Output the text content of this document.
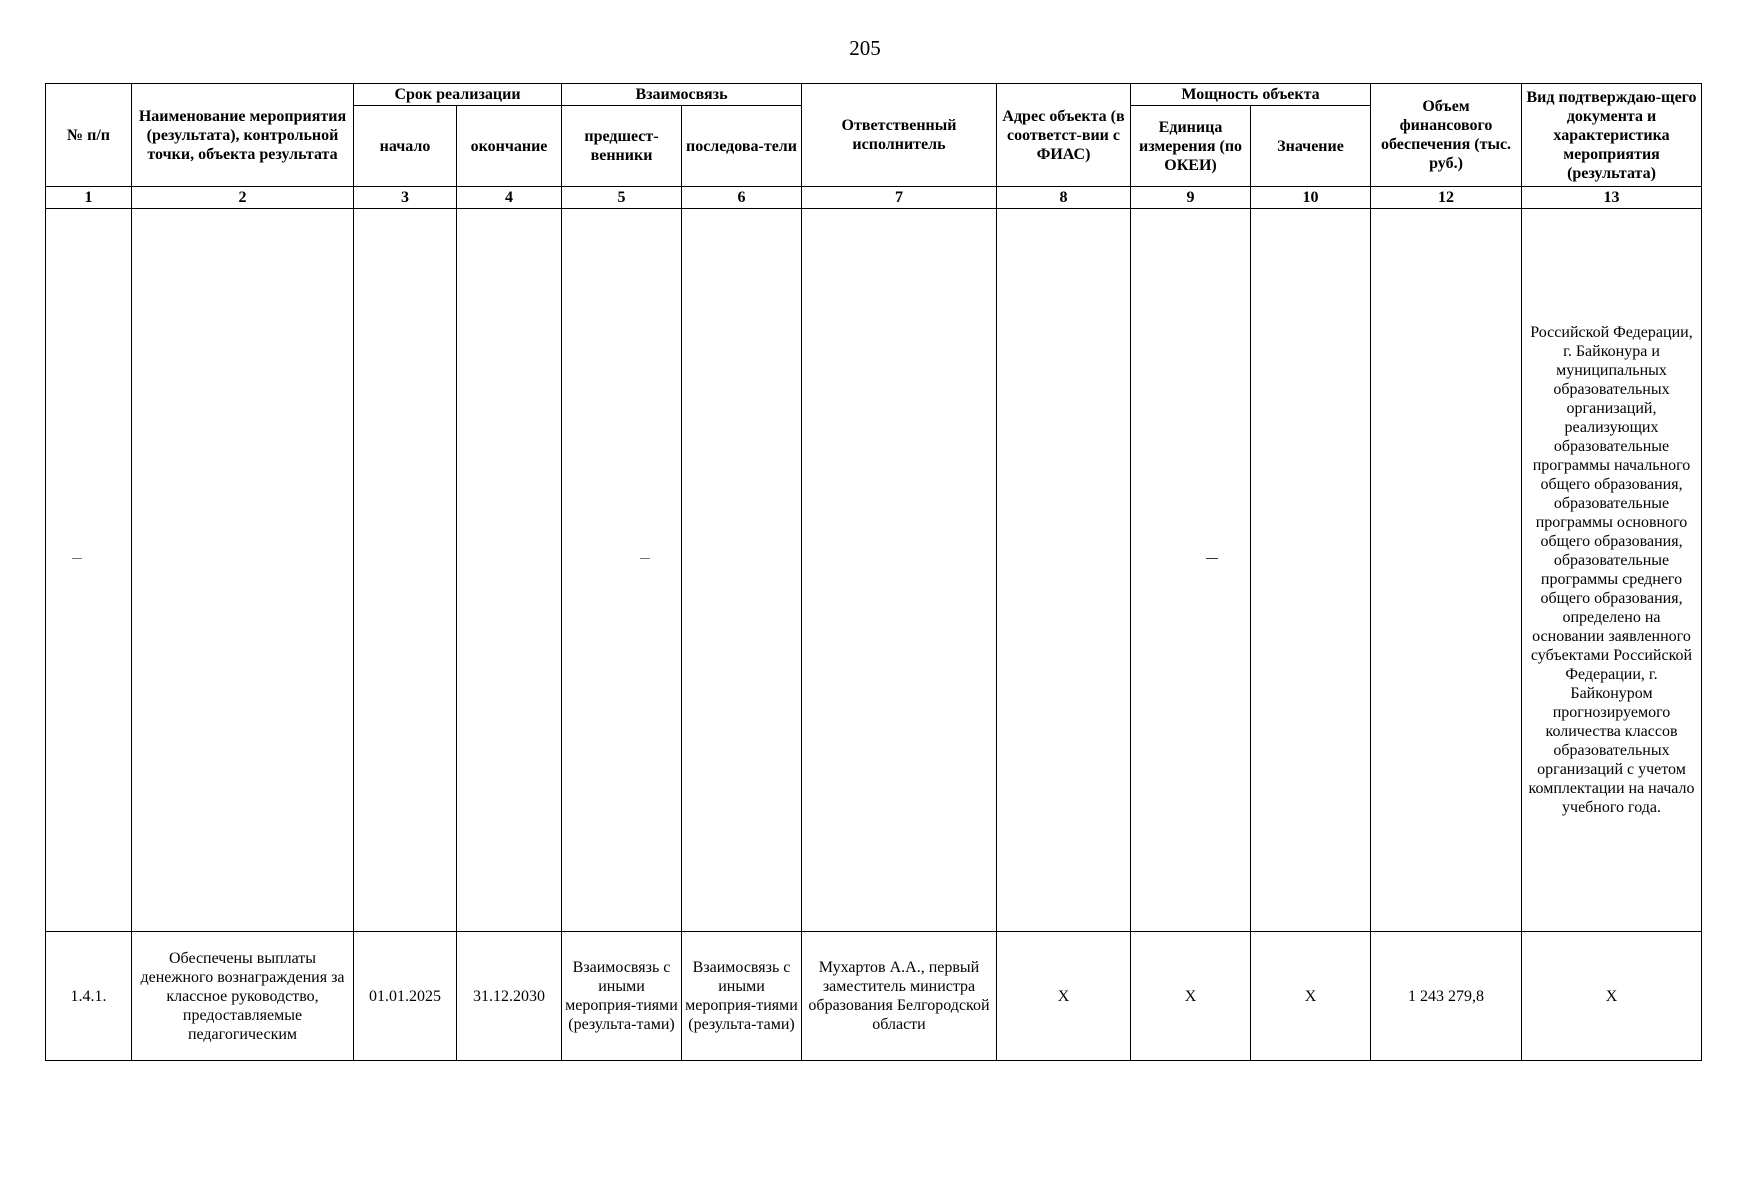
205
№ п/п	Наименование мероприятия (результата), контрольной точки, объекта результата	Срок реализации		Взаимосвязь		Ответственный исполнитель	Адрес объекта (в соответст-вии с ФИАС)	Мощность объекта		Объем финансового обеспечения (тыс. руб.)	Вид подтверждаю-щего документа и характеристика мероприятия (результата)
		начало	окончание	предшест-венники	последова-тели			Единица измерения (по ОКЕИ)	Значение		
1	2	3	4	5	6	7	8	9	10	12	13
											Российской Федерации, г. Байконура и муниципальных образовательных организаций, реализующих образовательные программы начального общего образования, образовательные программы основного общего образования, образовательные программы среднего общего образования, определено на основании заявленного субъектами Российской Федерации, г. Байконуром прогнозируемого количества классов образовательных организаций с учетом комплектации на начало учебного года.
1.4.1.	Обеспечены выплаты денежного вознаграждения за классное руководство, предоставляемые педагогическим	01.01.2025	31.12.2030	Взаимосвязь с иными мероприя-тиями (результа-тами)	Взаимосвязь с иными мероприя-тиями (результа-тами)	Мухартов А.А., первый заместитель министра образования Белгородской области	X	X	X	1 243 279,8	X
